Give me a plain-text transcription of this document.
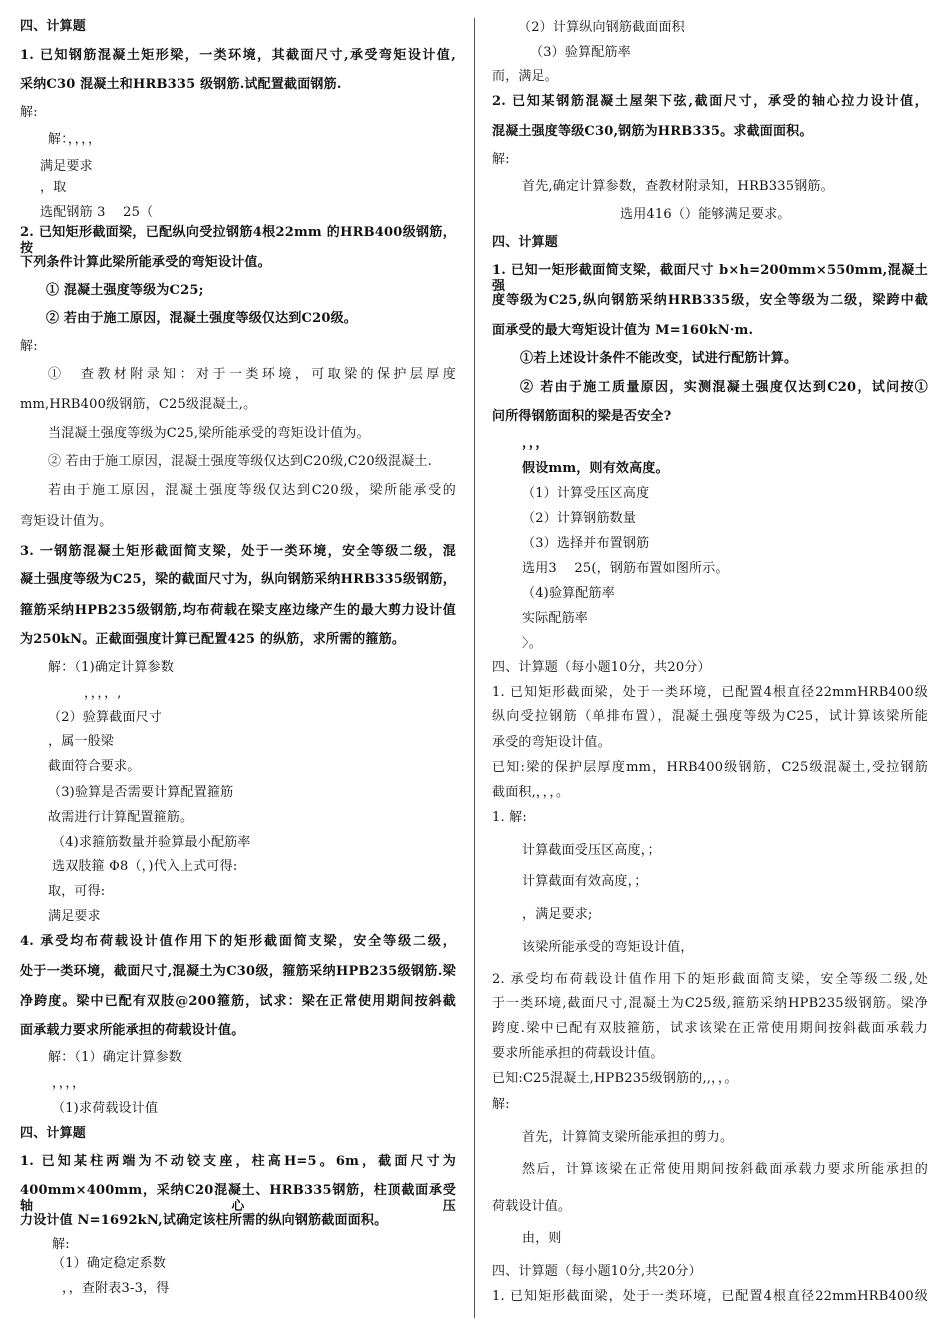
四、计算题
1. 已知钢筋混凝土矩形梁，一类环境，其截面尺寸,承受弯矩设计值,
采纳C30 混凝土和HRB335 级钢筋.试配置截面钢筋.
解:
解：，，，，
满足要求
，取
选配钢筋 3　 25（
2. 已知矩形截面梁，已配纵向受拉钢筋4根22mm 的HRB400级钢筋，按
下列条件计算此梁所能承受的弯矩设计值。
① 混凝土强度等级为C25;
② 若由于施工原因，混凝土强度等级仅达到C20级。
解:
①　查教材附录知：对于一类环境，可取梁的保护层厚度
mm,HRB400级钢筋，C25级混凝土,。
当混凝土强度等级为C25,梁所能承受的弯矩设计值为。
② 若由于施工原因，混凝土强度等级仅达到C20级,C20级混凝土.
若由于施工原因，混凝土强度等级仅达到C20级，梁所能承受的
弯矩设计值为。
3. 一钢筋混凝土矩形截面简支梁，处于一类环境，安全等级二级，混
凝土强度等级为C25，梁的截面尺寸为，纵向钢筋采纳HRB335级钢筋，
箍筋采纳HPB235级钢筋,均布荷载在梁支座边缘产生的最大剪力设计值
为250kN。正截面强度计算已配置425 的纵筋，求所需的箍筋。
解：（1)确定计算参数
，，，，,
（2）验算截面尺寸
，属一般梁
截面符合要求。
（3)验算是否需要计算配置箍筋
故需进行计算配置箍筋。
（4)求箍筋数量并验算最小配筋率
选双肢箍 Φ8（，)代入上式可得:
取，可得:
满足要求
4. 承受均布荷载设计值作用下的矩形截面简支梁，安全等级二级，
处于一类环境，截面尺寸,混凝土为C30级，箍筋采纳HPB235级钢筋.梁
净跨度。梁中已配有双肢@200箍筋，试求：梁在正常使用期间按斜截
面承载力要求所能承担的荷载设计值。
解：（1）确定计算参数
，，，，
（1)求荷载设计值
四、计算题
1. 已知某柱两端为不动铰支座，柱高H=5。6m，截面尺寸为
400mm×400mm，采纳C20混凝土、HRB335钢筋，柱顶截面承受轴心压
力设计值 N=1692kN,试确定该柱所需的纵向钢筋截面面积。
解:
（1）确定稳定系数
，，查附表3-3，得
（2）计算纵向钢筋截面面积
（3）验算配筋率
而，满足。
2. 已知某钢筋混凝土屋架下弦,截面尺寸，承受的轴心拉力设计值，
混凝土强度等级C30,钢筋为HRB335。求截面面积。
解:
首先,确定计算参数，查教材附录知，HRB335钢筋。
选用416（）能够满足要求。
四、计算题
1. 已知一矩形截面简支梁，截面尺寸 b×h=200mm×550mm,混凝土强
度等级为C25,纵向钢筋采纳HRB335级，安全等级为二级，梁跨中截
面承受的最大弯矩设计值为 M=160kN·m.
①若上述设计条件不能改变，试进行配筋计算。
② 若由于施工质量原因，实测混凝土强度仅达到C20，试问按①
问所得钢筋面积的梁是否安全?
，，，
假设mm，则有效高度。
（1）计算受压区高度
（2）计算钢筋数量
（3）选择并布置钢筋
选用3　 25(，钢筋布置如图所示。
（4)验算配筋率
实际配筋率
〉。
四、计算题（每小题10分，共20分）
1. 已知矩形截面梁，处于一类环境，已配置4根直径22mmHRB400级
纵向受拉钢筋（单排布置），混凝土强度等级为C25，试计算该梁所能
承受的弯矩设计值。
已知:梁的保护层厚度mm，HRB400级钢筋，C25级混凝土,受拉钢筋
截面积,，，，。
1. 解:
计算截面受压区高度，；
计算截面有效高度，；
，满足要求;
该梁所能承受的弯矩设计值，
2. 承受均布荷载设计值作用下的矩形截面简支梁，安全等级二级,处
于一类环境,截面尺寸,混凝土为C25级,箍筋采纳HPB235级钢筋。梁净
跨度.梁中已配有双肢箍筋，试求该梁在正常使用期间按斜截面承载力
要求所能承担的荷载设计值。
已知:C25混凝土,HPB235级钢筋的,,，，。
解:
首先，计算简支梁所能承担的剪力。
然后，计算该梁在正常使用期间按斜截面承载力要求所能承担的
荷载设计值。
由，则
四、计算题（每小题10分,共20分）
1. 已知矩形截面梁，处于一类环境，已配置4根直径22mmHRB400级
